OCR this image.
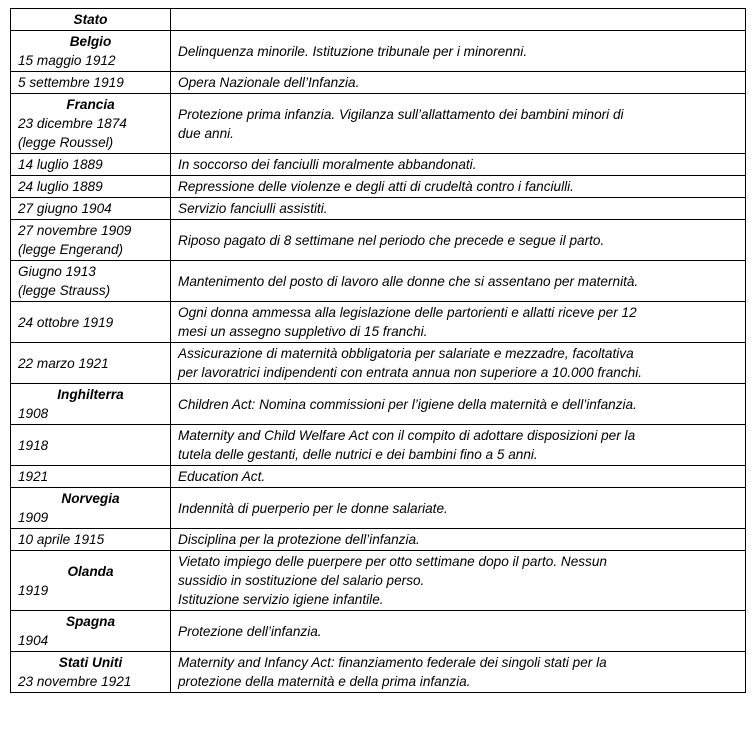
Stato	

Belgio
15 maggio 1912	Delinquenza minorile. Istituzione tribunale per i minorenni.

5 settembre 1919	Opera Nazionale dell’Infanzia.

Francia
23 dicembre 1874
(legge Roussel)	Protezione prima infanzia. Vigilanza sull’allattamento dei bambini minori di
due anni.

14 luglio 1889	In soccorso dei fanciulli moralmente abbandonati.

24 luglio 1889	Repressione delle violenze e degli atti di crudeltà contro i fanciulli.

27 giugno 1904	Servizio fanciulli assistiti.

27 novembre 1909
(legge Engerand)	Riposo pagato di 8 settimane nel periodo che precede e segue il parto.

Giugno 1913
(legge Strauss)	Mantenimento del posto di lavoro alle donne che si assentano per maternità.

24 ottobre 1919	Ogni donna ammessa alla legislazione delle partorienti e allatti riceve per 12
mesi un assegno suppletivo di 15 franchi.

22 marzo 1921	Assicurazione di maternità obbligatoria per salariate e mezzadre, facoltativa
per lavoratrici indipendenti con entrata annua non superiore a 10.000 franchi.

Inghilterra
1908	Children Act: Nomina commissioni per l’igiene della maternità e dell’infanzia.

1918	Maternity and Child Welfare Act con il compito di adottare disposizioni per la
tutela delle gestanti, delle nutrici e dei bambini fino a 5 anni.

1921	Education Act.

Norvegia
1909	Indennità di puerperio per le donne salariate.

10 aprile 1915	Disciplina per la protezione dell’infanzia.

Olanda
1919	Vietato impiego delle puerpere per otto settimane dopo il parto. Nessun
sussidio in sostituzione del salario perso.
Istituzione servizio igiene infantile.

Spagna
1904	Protezione dell’infanzia.

Stati Uniti
23 novembre 1921	Maternity and Infancy Act: finanziamento federale dei singoli stati per la
protezione della maternità e della prima infanzia.
